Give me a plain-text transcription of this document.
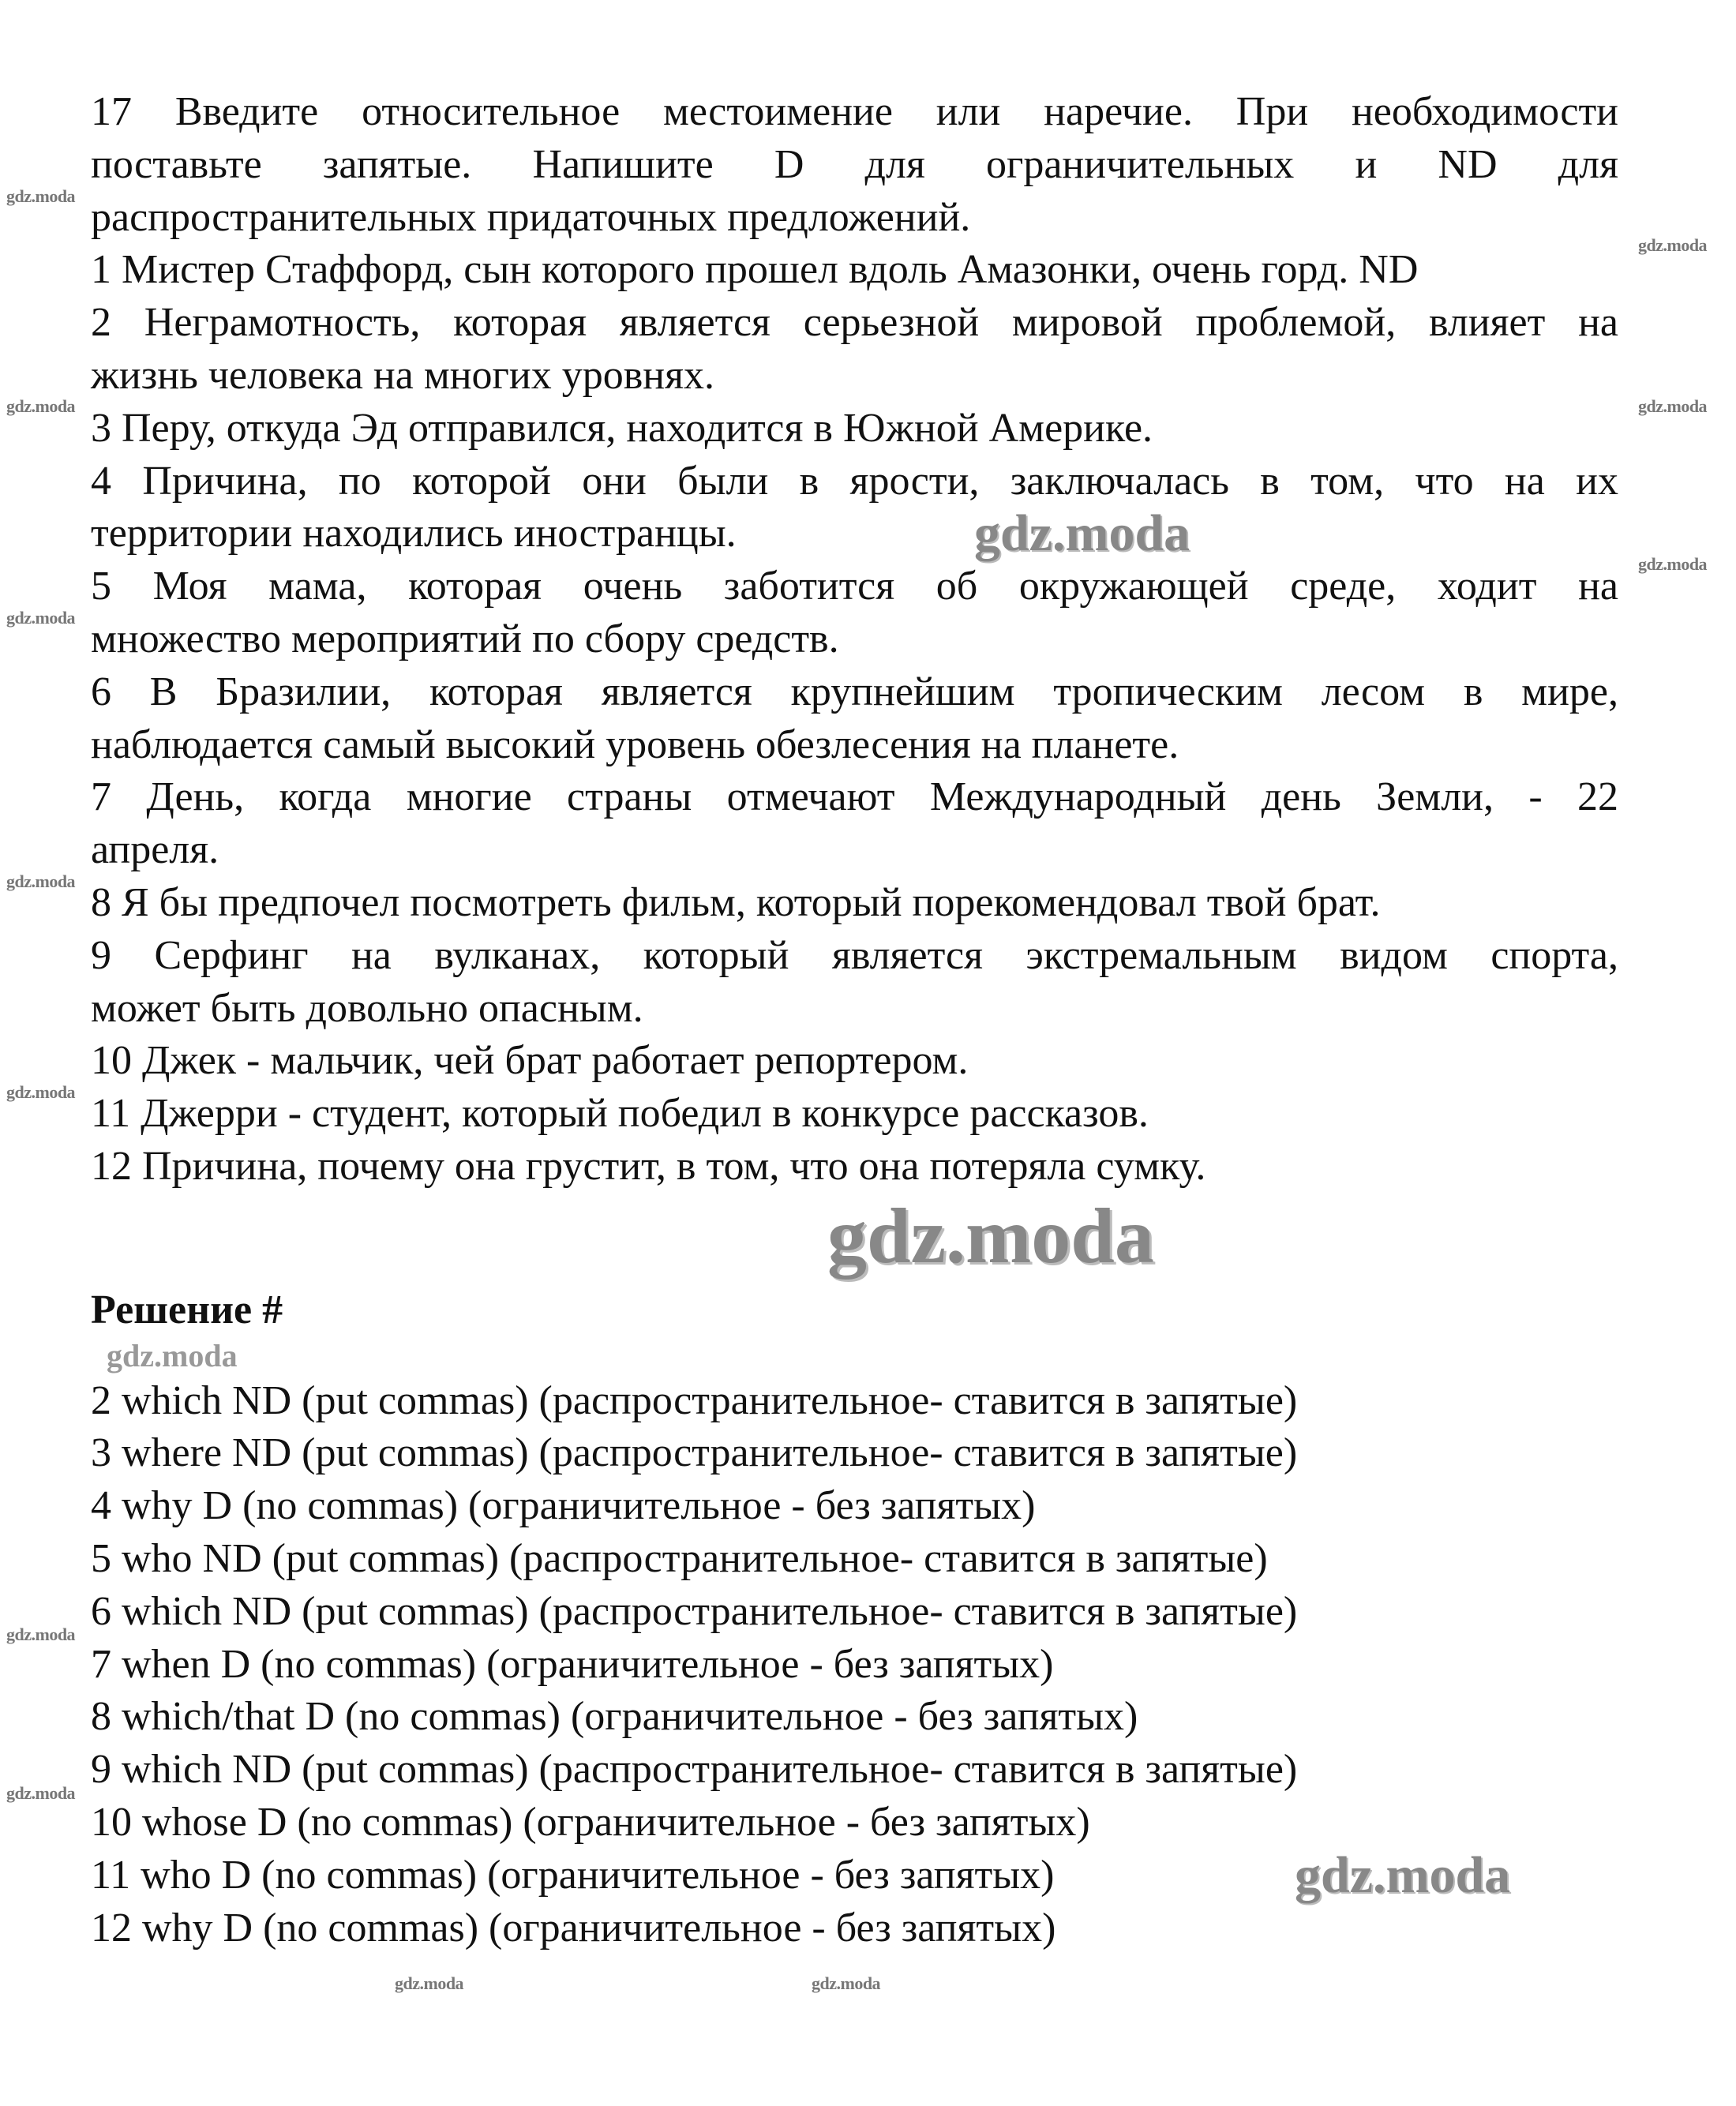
17 Введите относительное местоимение или наречие. При необходимости
поставьте запятые. Напишите D для ограничительных и ND для
распространительных придаточных предложений.
1 Мистер Стаффорд, сын которого прошел вдоль Амазонки, очень горд. ND
2 Неграмотность, которая является серьезной мировой проблемой, влияет на
жизнь человека на многих уровнях.
3 Перу, откуда Эд отправился, находится в Южной Америке.
4 Причина, по которой они были в ярости, заключалась в том, что на их
территории находились иностранцы.
5 Моя мама, которая очень заботится об окружающей среде, ходит на
множество мероприятий по сбору средств.
6 В Бразилии, которая является крупнейшим тропическим лесом в мире,
наблюдается самый высокий уровень обезлесения на планете.
7 День, когда многие страны отмечают Международный день Земли, - 22
апреля.
8 Я бы предпочел посмотреть фильм, который порекомендовал твой брат.
9 Серфинг на вулканах, который является экстремальным видом спорта,
может быть довольно опасным.
10 Джек - мальчик, чей брат работает репортером.
11 Джерри - студент, который победил в конкурсе рассказов.
12 Причина, почему она грустит, в том, что она потеряла сумку.
Решение #
2 which ND (put commas) (распространительное- ставится в запятые)
3 where ND (put commas) (распространительное- ставится в запятые)
4 why D (no commas) (ограничительное - без запятых)
5 who ND (put commas) (распространительное- ставится в запятые)
6 which ND (put commas) (распространительное- ставится в запятые)
7 when D (no commas) (ограничительное - без запятых)
8 which/that D (no commas) (ограничительное - без запятых)
9 which ND (put commas) (распространительное- ставится в запятые)
10 whose D (no commas) (ограничительное - без запятых)
11 who D (no commas) (ограничительное - без запятых)
12 why D (no commas) (ограничительное - без запятых)
gdz.moda
gdz.moda
gdz.moda	gdz.moda
gdz.moda
gdz.moda
gdz.moda
gdz.moda
gdz.moda
gdz.moda
gdz.moda	gdz.moda
gdz.moda
gdz.moda
gdz.moda
gdz.moda
